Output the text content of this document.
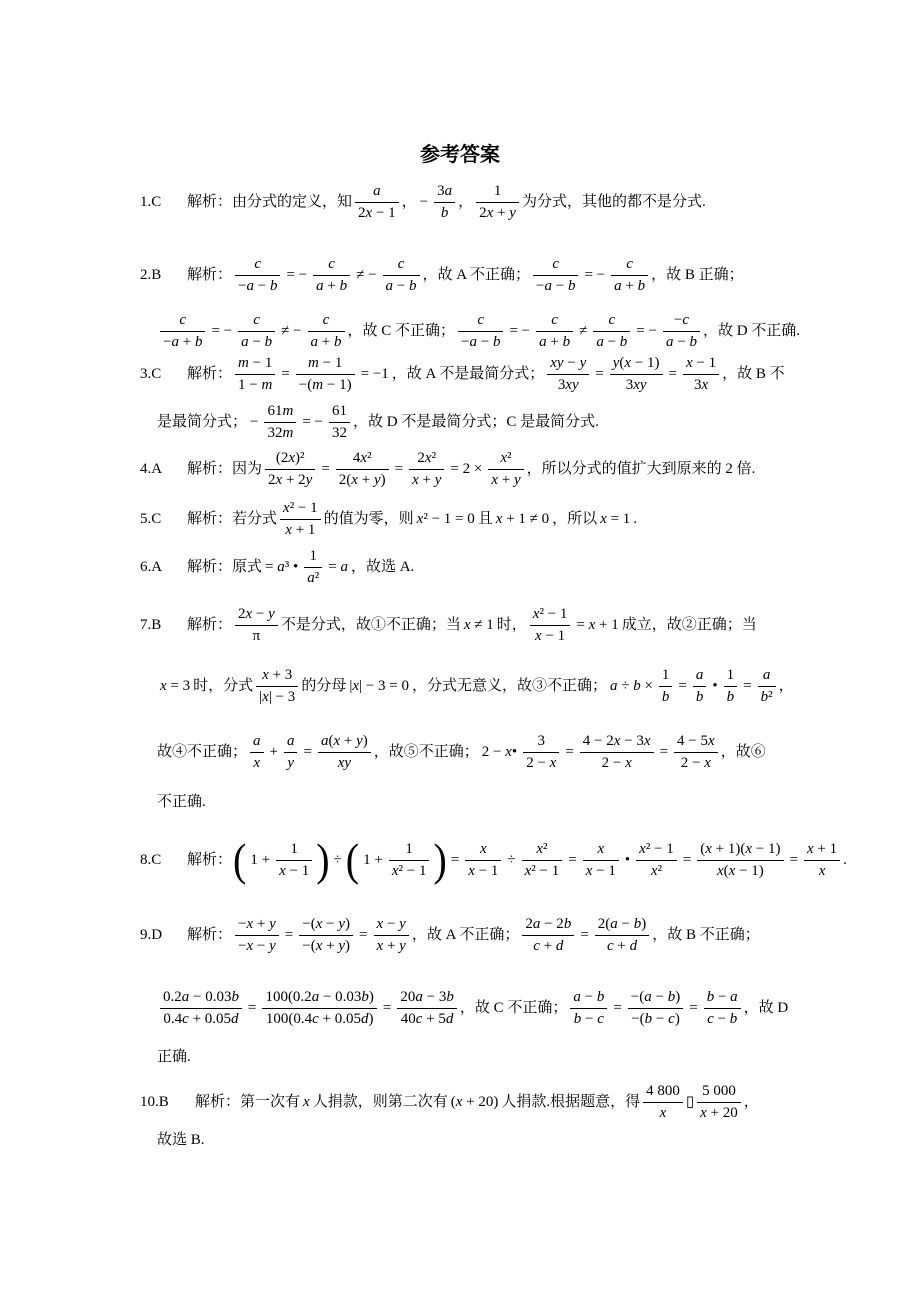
参考答案
1.C	解析：由分式的定义，知 $\frac{a}{2x - 1}$ ， − $\frac{3a}{b}$ ， $\frac{1}{2x + y}$ 为分式，其他的都不是分式.
2.B	解析： $\frac{c}{-a - b}$ = − $\frac{c}{a + b}$ ≠ − $\frac{c}{a - b}$ ，故 A 不正确； $\frac{c}{-a - b}$ = − $\frac{c}{a + b}$ ，故 B 正确；
$\frac{c}{-a + b}$ = − $\frac{c}{a - b}$ ≠ − $\frac{c}{a + b}$ ，故 C 不正确； $\frac{c}{-a - b}$ = − $\frac{c}{a + b} \ne \frac{c}{a - b}$ = − $\frac{-c}{a - b}$ ，故 D 不正确.
3.C	解析： $\frac{m - 1}{1 - m} = \frac{m - 1}{-(m - 1)} = -1$ ，故 A 不是最简分式； $\frac{xy - y}{3xy} = \frac{y(x - 1)}{3xy} = \frac{x - 1}{3x}$ ，故 B 不
是最简分式； − $\frac{61m}{32m}$ = − $\frac{61}{32}$ ，故 D 不是最简分式；C 是最简分式.
4.A	解析：因为 $\frac{\text{(2x)²}}{2x + 2y} = \frac{\text{4x²}}{2(x + y)} = \frac{\text{2x²}}{x + y} = 2 \times \frac{\text{x²}}{x + y}$ ，所以分式的值扩大到原来的 2 倍.
5.C	解析：若分式 $\frac{\text{x² − 1}}{x + 1}$ 的值为零，则 x² − 1 = 0 且 x + 1 ≠ 0 ，所以 x = 1 .
6.A	解析：原式 = a³ • $\frac{1}{\text{a²}} = a$ ，故选 A.
7.B	解析： $\frac{2x - y}{\pi}$ 不是分式，故①不正确；当 x ≠ 1 时， $\frac{\text{x² − 1}}{x - 1} = x + 1$ 成立，故②正确；当
x = 3 时，分式 $\frac{x + 3}{|x| - 3}$ 的分母 |x| − 3 = 0 ，分式无意义，故③不正确； $a \div b \times \frac{1}{b} = \frac{a}{b}$ • $\frac{1}{b} = \frac{a}{\text{b²}}$ ，
故④不正确； $\frac{a}{x} + \frac{a}{y} = \frac{a(x + y)}{xy}$ ，故⑤不正确； 2 − x• $\frac{3}{2 - x} = \frac{4 - 2x - 3x}{2 - x} = \frac{4 - 5x}{2 - x}$ ，故⑥
不正确.
8.C	解析： ( $1 + \frac{1}{x - 1}$ ) ÷ ( $1 + \frac{1}{\text{x² − 1}}$ ) = $\frac{x}{x - 1} \div \frac{\text{x²}}{\text{x² − 1}} = \frac{x}{x - 1}$ • $\frac{\text{x² − 1}}{\text{x²}} = \frac{(x + 1)(x - 1)}{x(x - 1)} = \frac{x + 1}{x}$ .
9.D	解析： $\frac{-x + y}{-x - y} = \frac{-(x - y)}{-(x + y)} = \frac{x - y}{x + y}$ ，故 A 不正确； $\frac{2a - 2b}{c + d} = \frac{2(a - b)}{c + d}$ ，故 B 不正确；
$\frac{0.2a - 0.03b}{0.4c + 0.05d} = \frac{100(0.2a - 0.03b)}{100(0.4c + 0.05d)} = \frac{20a - 3b}{40c + 5d}$ ，故 C 不正确； $\frac{a - b}{b - c} = \frac{-(a - b)}{-(b - c)} = \frac{b - a}{c - b}$ ，故 D
正确.
10.B	解析：第一次有 x 人捐款，则第二次有 (x + 20) 人捐款.根据题意，得 $\frac{4 800}{x}$ ▯ $\frac{5 000}{x + 20}$ ，
故选 B.
